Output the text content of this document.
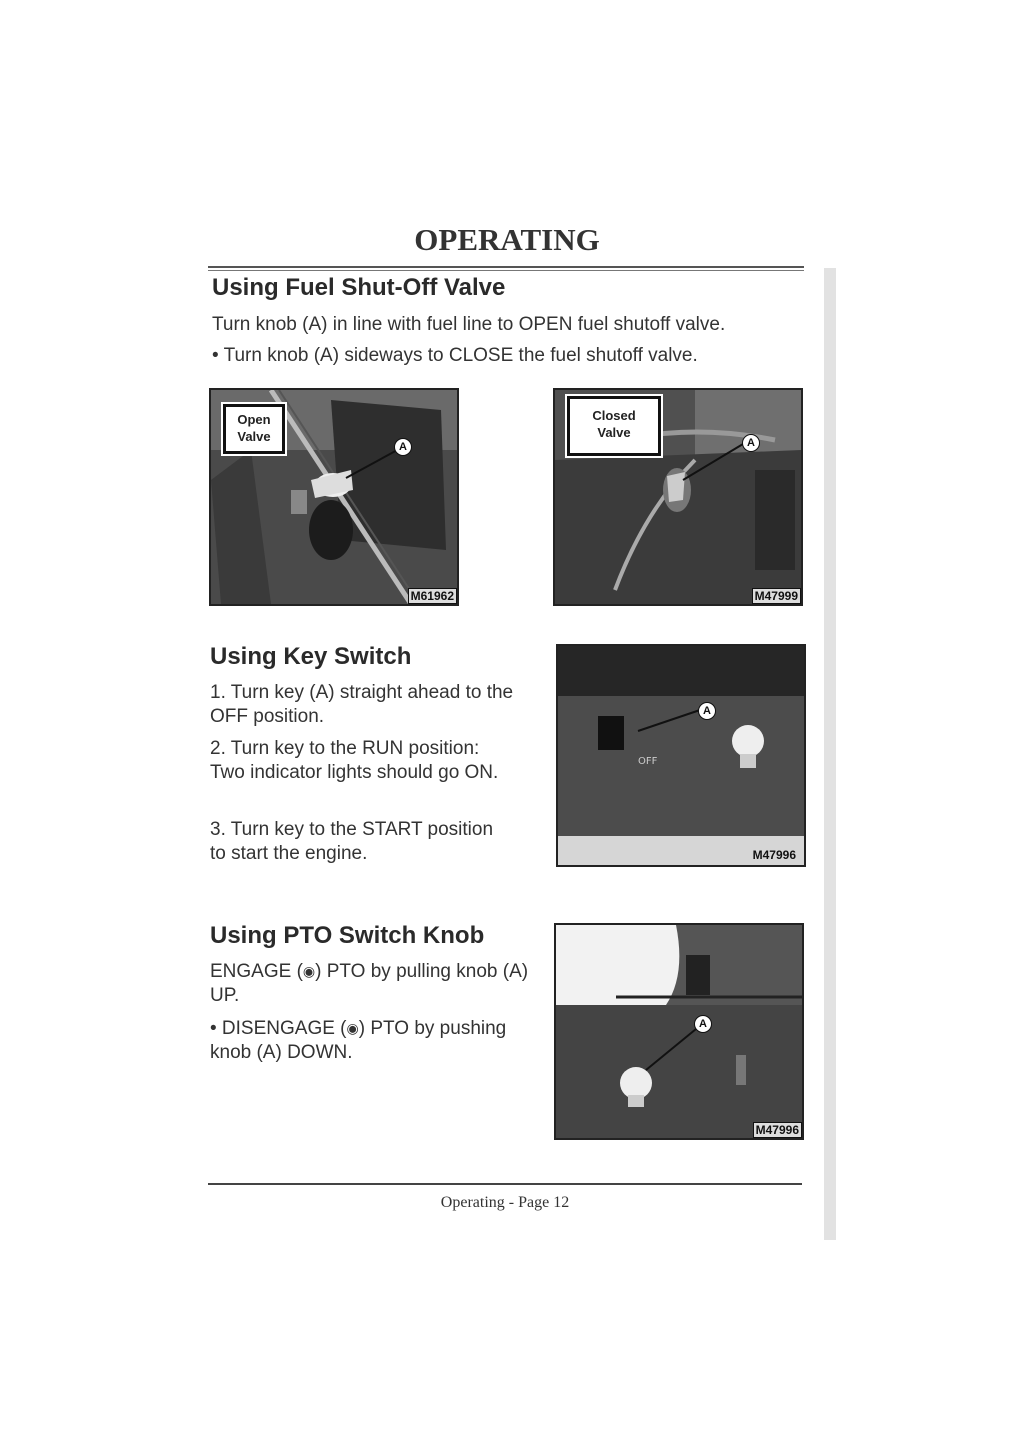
OPERATING
Using Fuel Shut-Off Valve
Turn knob (A) in line with fuel line to OPEN fuel shutoff valve.
• Turn knob (A) sideways to CLOSE the fuel shutoff valve.
Open
Valve
A
M61962
Closed
Valve
A
M47999
Using Key Switch
1. Turn key (A) straight ahead to the OFF position.
2. Turn key to the RUN position: Two indicator lights should go ON.
3. Turn key to the START position to start the engine.
OFF
A
M47996
Using PTO Switch Knob
ENGAGE (◉) PTO by pulling knob (A) UP.
• DISENGAGE (◉) PTO by pushing knob (A) DOWN.
A
M47996
Operating - Page 12
